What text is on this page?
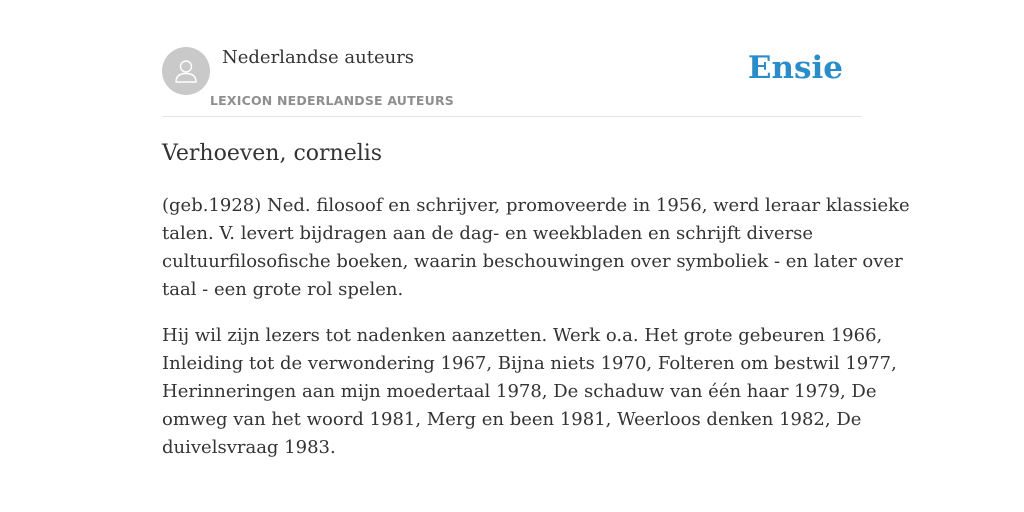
Nederlandse auteurs
LEXICON NEDERLANDSE AUTEURS
Ensie
Verhoeven, cornelis

(geb.1928) Ned. filosoof en schrijver, promoveerde in 1956, werd leraar klassieke
talen. V. levert bijdragen aan de dag- en weekbladen en schrijft diverse
cultuurfilosofische boeken, waarin beschouwingen over symboliek - en later over
taal - een grote rol spelen.

Hij wil zijn lezers tot nadenken aanzetten. Werk o.a. Het grote gebeuren 1966,
Inleiding tot de verwondering 1967, Bijna niets 1970, Folteren om bestwil 1977,
Herinneringen aan mijn moedertaal 1978, De schaduw van één haar 1979, De
omweg van het woord 1981, Merg en been 1981, Weerloos denken 1982, De
duivelsvraag 1983.
